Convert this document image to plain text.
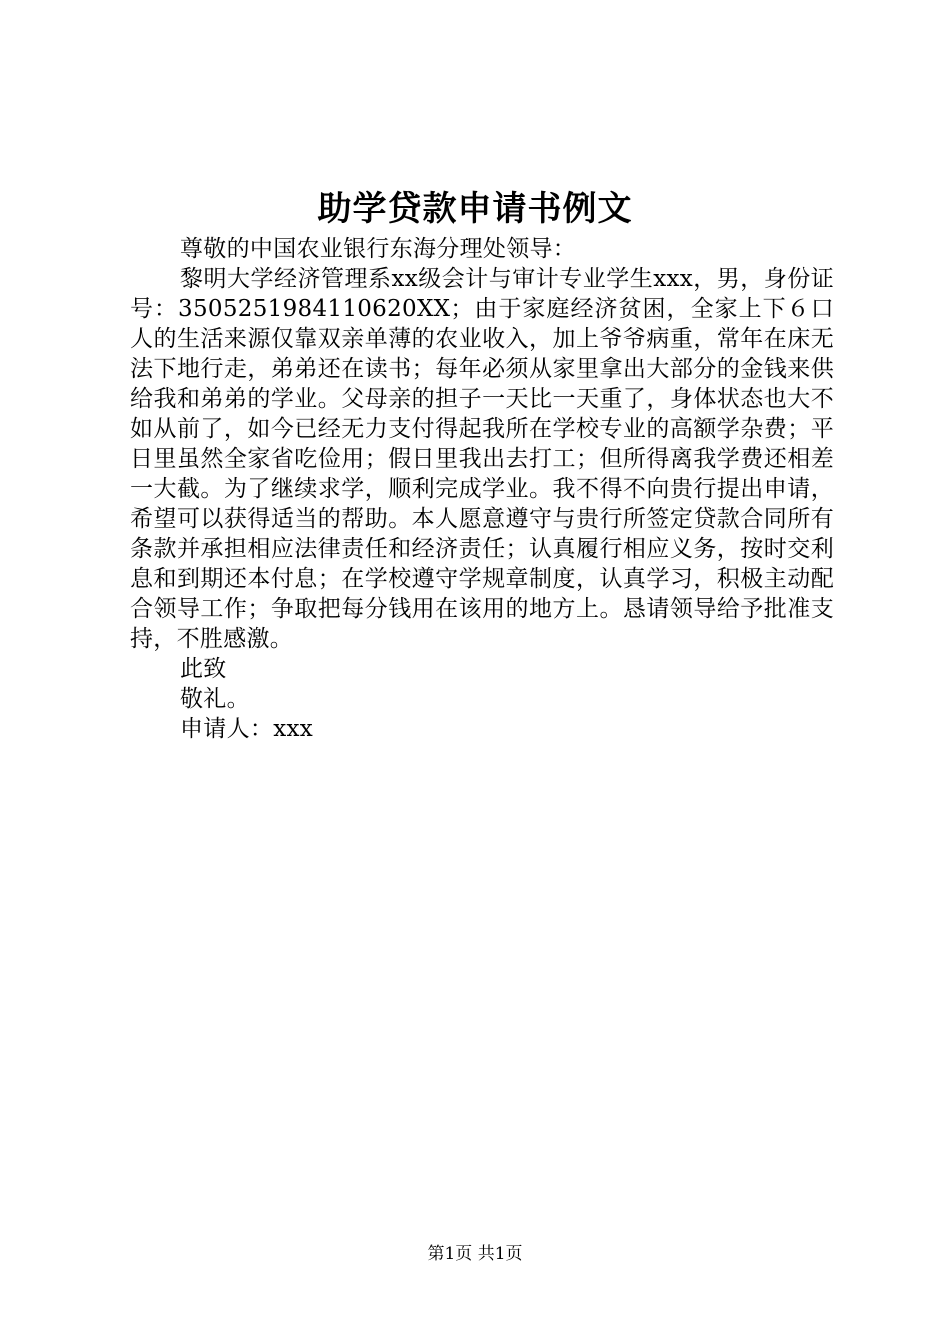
助学贷款申请书例文

尊敬的中国农业银行东海分理处领导：

黎明大学经济管理系xx级会计与审计专业学生xxx，男，身份证号：3505251984110620XX；由于家庭经济贫困，全家上下６口人的生活来源仅靠双亲单薄的农业收入，加上爷爷病重，常年在床无法下地行走，弟弟还在读书；每年必须从家里拿出大部分的金钱来供给我和弟弟的学业。父母亲的担子一天比一天重了，身体状态也大不如从前了，如今已经无力支付得起我所在学校专业的高额学杂费；平日里虽然全家省吃俭用；假日里我出去打工；但所得离我学费还相差一大截。为了继续求学，顺利完成学业。我不得不向贵行提出申请，希望可以获得适当的帮助。本人愿意遵守与贵行所签定贷款合同所有条款并承担相应法律责任和经济责任；认真履行相应义务，按时交利息和到期还本付息；在学校遵守学规章制度，认真学习，积极主动配合领导工作；争取把每分钱用在该用的地方上。恳请领导给予批准支持，不胜感激。

此致

敬礼。

申请人：xxx

第1页 共1页
